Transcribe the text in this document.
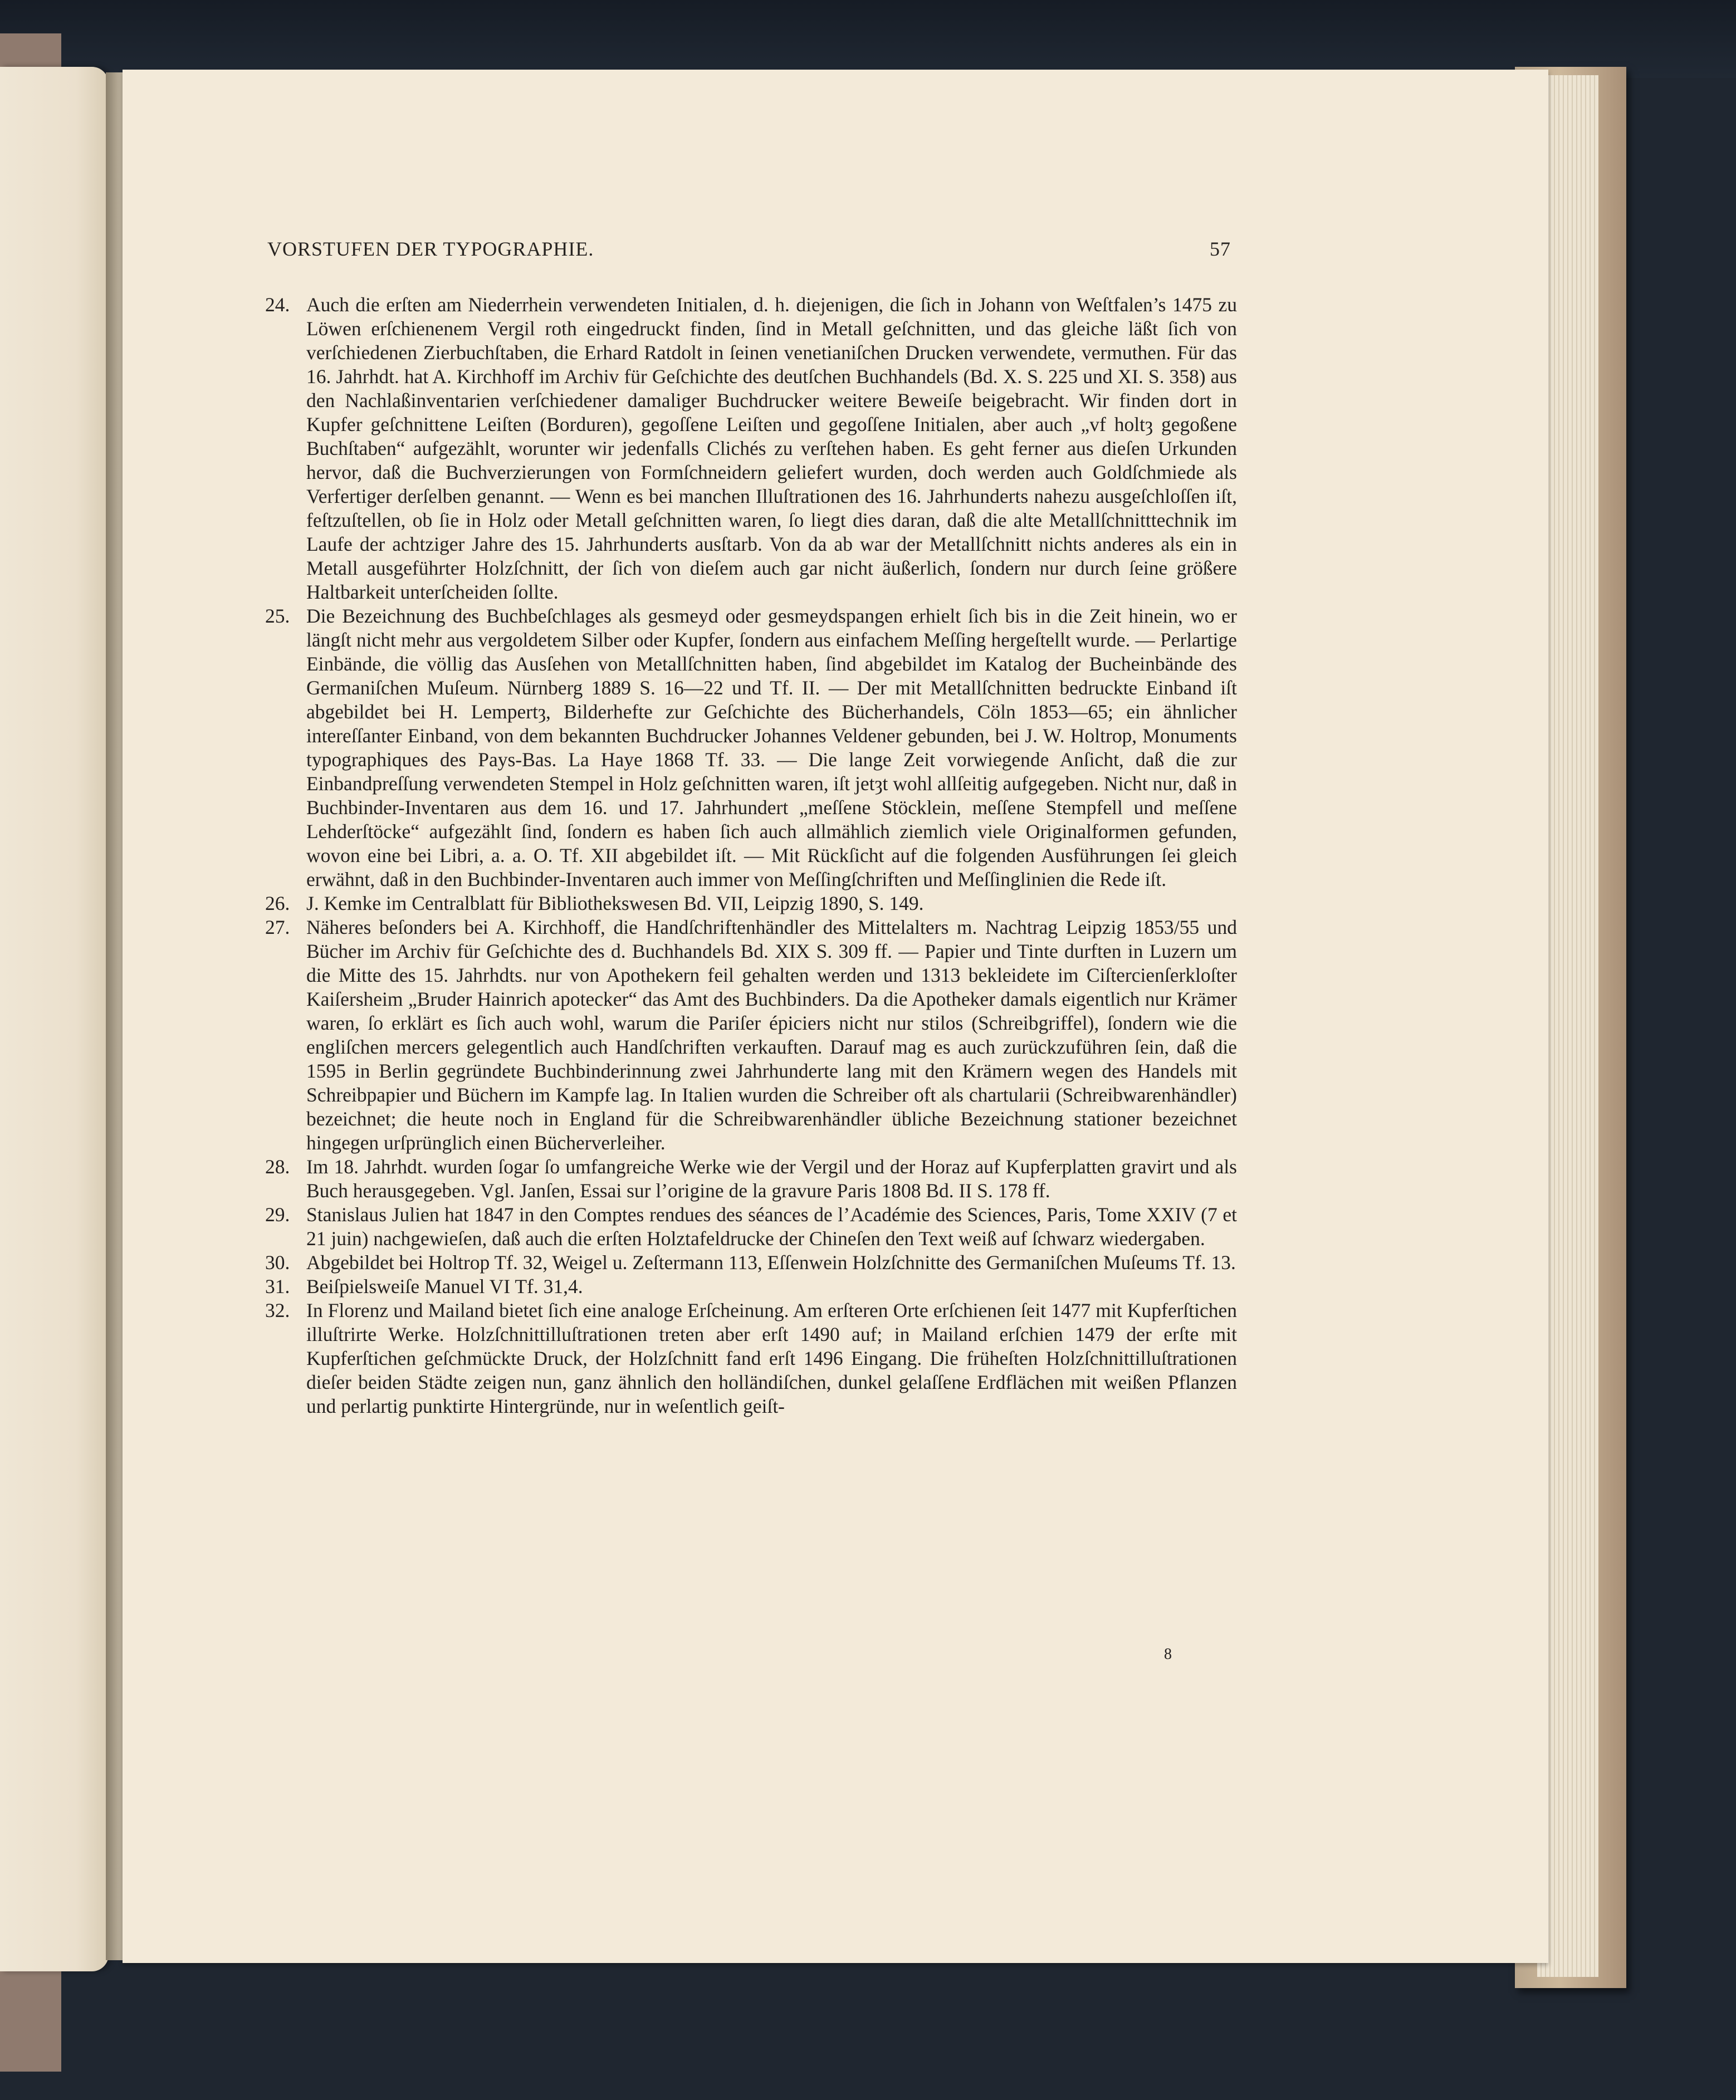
VORSTUFEN DER TYPOGRAPHIE.	57
24. Auch die erſten am Niederrhein verwendeten Initialen, d. h. diejenigen, die ſich in Johann von Weſtfalen’s 1475 zu Löwen erſchienenem Vergil roth eingedruckt finden, ſind in Metall geſchnitten, und das gleiche läßt ſich von verſchiedenen Zierbuchſtaben, die Erhard Ratdolt in ſeinen venetianiſchen Drucken verwendete, vermuthen. Für das 16. Jahrhdt. hat A. Kirchhoff im Archiv für Geſchichte des deutſchen Buchhandels (Bd. X. S. 225 und XI. S. 358) aus den Nachlaßinventarien verſchiedener damaliger Buchdrucker weitere Beweiſe beigebracht. Wir finden dort in Kupfer geſchnittene Leiſten (Borduren), gegoſſene Leiſten und gegoſſene Initialen, aber auch „vf holtȝ gegoßene Buchſtaben“ aufgezählt, worunter wir jedenfalls Clichés zu verſtehen haben. Es geht ferner aus dieſen Urkunden hervor, daß die Buchverzierungen von Formſchneidern geliefert wurden, doch werden auch Goldſchmiede als Verfertiger derſelben genannt. — Wenn es bei manchen Illuſtrationen des 16. Jahrhunderts nahezu ausgeſchloſſen iſt, feſtzuſtellen, ob ſie in Holz oder Metall geſchnitten waren, ſo liegt dies daran, daß die alte Metallſchnitttechnik im Laufe der achtziger Jahre des 15. Jahrhunderts ausſtarb. Von da ab war der Metallſchnitt nichts anderes als ein in Metall ausgeführter Holzſchnitt, der ſich von dieſem auch gar nicht äußerlich, ſondern nur durch ſeine größere Haltbarkeit unterſcheiden ſollte.
25. Die Bezeichnung des Buchbeſchlages als gesmeyd oder gesmeydspangen erhielt ſich bis in die Zeit hinein, wo er längſt nicht mehr aus vergoldetem Silber oder Kupfer, ſondern aus einfachem Meſſing hergeſtellt wurde. — Perlartige Einbände, die völlig das Ausſehen von Metallſchnitten haben, ſind abgebildet im Katalog der Bucheinbände des Germaniſchen Muſeum. Nürnberg 1889 S. 16—22 und Tf. II. — Der mit Metallſchnitten bedruckte Einband iſt abgebildet bei H. Lempertȝ, Bilderhefte zur Geſchichte des Bücherhandels, Cöln 1853—65; ein ähnlicher intereſſanter Einband, von dem bekannten Buchdrucker Johannes Veldener gebunden, bei J. W. Holtrop, Monuments typographiques des Pays-Bas. La Haye 1868 Tf. 33. — Die lange Zeit vorwiegende Anſicht, daß die zur Einbandpreſſung verwendeten Stempel in Holz geſchnitten waren, iſt jetȝt wohl allſeitig aufgegeben. Nicht nur, daß in Buchbinder-Inventaren aus dem 16. und 17. Jahrhundert „meſſene Stöcklein, meſſene Stempfell und meſſene Lehderſtöcke“ aufgezählt ſind, ſondern es haben ſich auch allmählich ziemlich viele Originalformen gefunden, wovon eine bei Libri, a. a. O. Tf. XII abgebildet iſt. — Mit Rückſicht auf die folgenden Ausführungen ſei gleich erwähnt, daß in den Buchbinder-Inventaren auch immer von Meſſingſchriften und Meſſinglinien die Rede iſt.
26. J. Kemke im Centralblatt für Bibliothekswesen Bd. VII, Leipzig 1890, S. 149.
27. Näheres beſonders bei A. Kirchhoff, die Handſchriftenhändler des Mittelalters m. Nachtrag Leipzig 1853/55 und Bücher im Archiv für Geſchichte des d. Buchhandels Bd. XIX S. 309 ff. — Papier und Tinte durften in Luzern um die Mitte des 15. Jahrhdts. nur von Apothekern feil gehalten werden und 1313 bekleidete im Ciſtercienſerkloſter Kaiſersheim „Bruder Hainrich apotecker“ das Amt des Buchbinders. Da die Apotheker damals eigentlich nur Krämer waren, ſo erklärt es ſich auch wohl, warum die Pariſer épiciers nicht nur stilos (Schreibgriffel), ſondern wie die engliſchen mercers gelegentlich auch Handſchriften verkauften. Darauf mag es auch zurückzuführen ſein, daß die 1595 in Berlin gegründete Buchbinderinnung zwei Jahrhunderte lang mit den Krämern wegen des Handels mit Schreibpapier und Büchern im Kampfe lag. In Italien wurden die Schreiber oft als chartularii (Schreibwarenhändler) bezeichnet; die heute noch in England für die Schreibwarenhändler übliche Bezeichnung stationer bezeichnet hingegen urſprünglich einen Bücherverleiher.
28. Im 18. Jahrhdt. wurden ſogar ſo umfangreiche Werke wie der Vergil und der Horaz auf Kupferplatten gravirt und als Buch herausgegeben. Vgl. Janſen, Essai sur l’origine de la gravure Paris 1808 Bd. II S. 178 ff.
29. Stanislaus Julien hat 1847 in den Comptes rendues des séances de l’Académie des Sciences, Paris, Tome XXIV (7 et 21 juin) nachgewieſen, daß auch die erſten Holztafeldrucke der Chineſen den Text weiß auf ſchwarz wiedergaben.
30. Abgebildet bei Holtrop Tf. 32, Weigel u. Zeſtermann 113, Eſſenwein Holzſchnitte des Germaniſchen Muſeums Tf. 13.
31. Beiſpielsweiſe Manuel VI Tf. 31,4.
32. In Florenz und Mailand bietet ſich eine analoge Erſcheinung. Am erſteren Orte erſchienen ſeit 1477 mit Kupferſtichen illuſtrirte Werke. Holzſchnittilluſtrationen treten aber erſt 1490 auf; in Mailand erſchien 1479 der erſte mit Kupferſtichen geſchmückte Druck, der Holzſchnitt fand erſt 1496 Eingang. Die früheſten Holzſchnittilluſtrationen dieſer beiden Städte zeigen nun, ganz ähnlich den holländiſchen, dunkel gelaſſene Erdflächen mit weißen Pflanzen und perlartig punktirte Hintergründe, nur in weſentlich geiſt-
8
